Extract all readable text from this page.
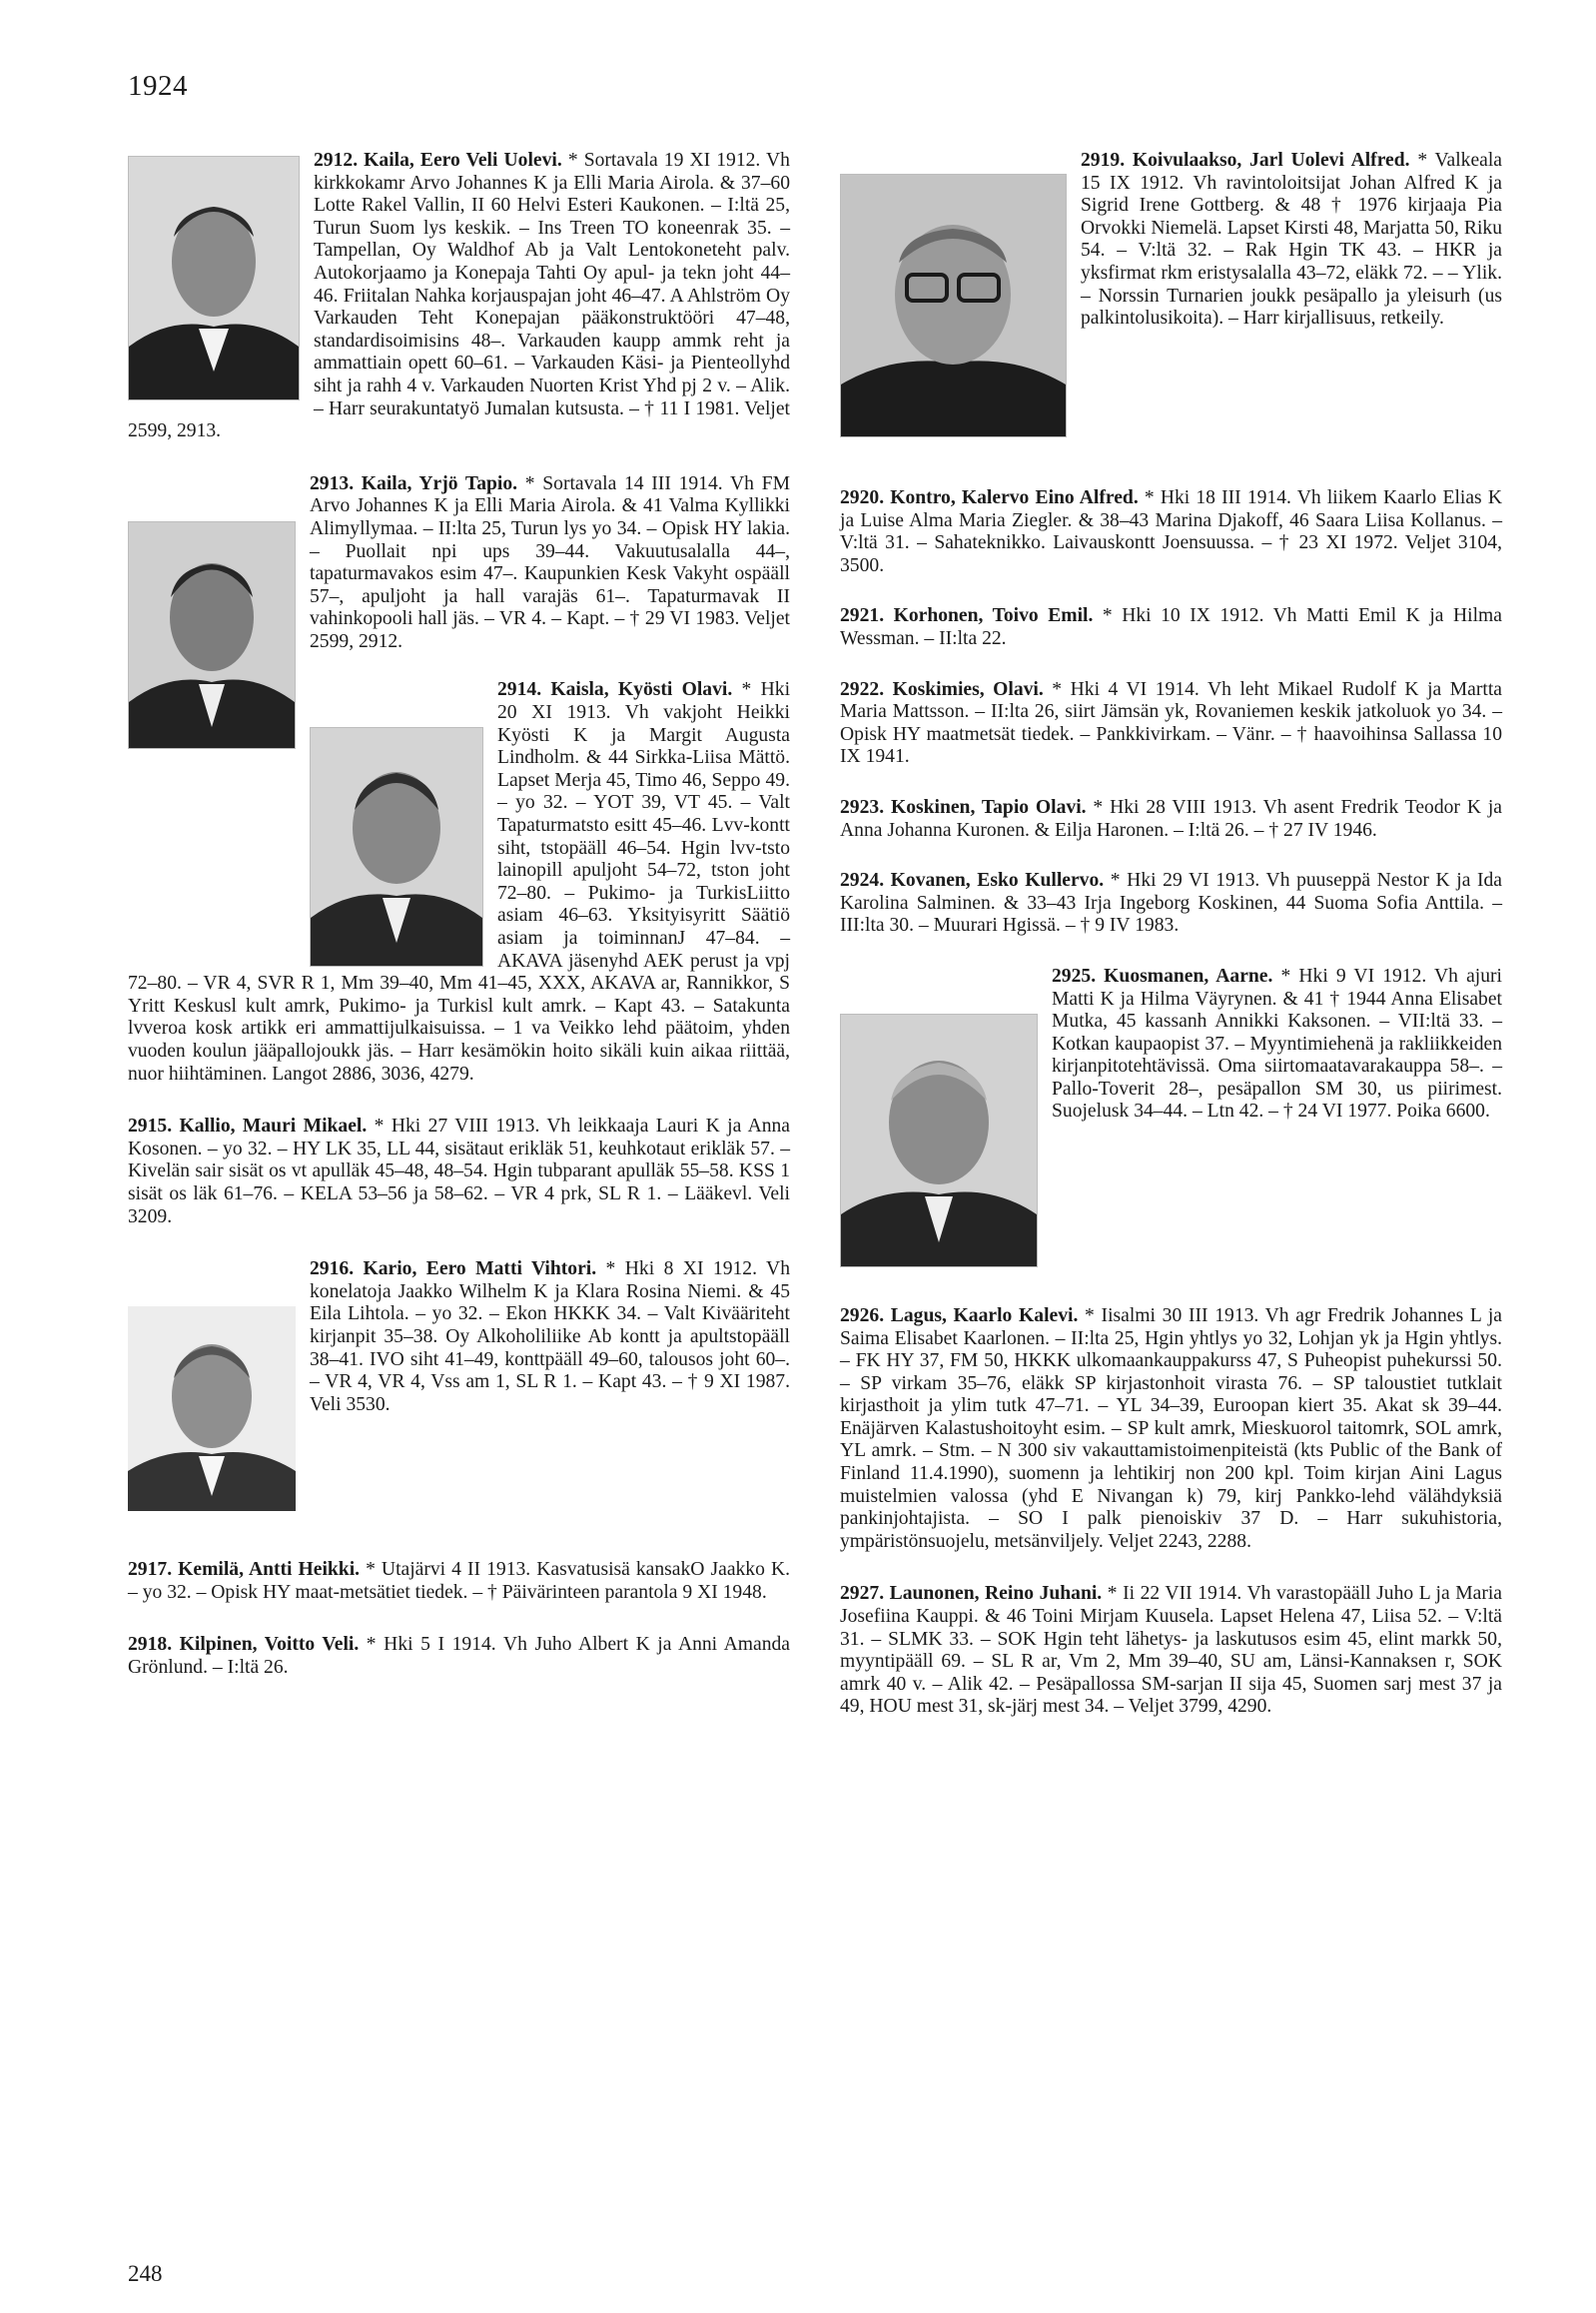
1924
2912. Kaila, Eero Veli Uolevi. * Sortavala 19 XI 1912. Vh kirkkokamr Arvo Johannes K ja Elli Maria Airola. & 37–60 Lotte Rakel Vallin, II 60 Helvi Esteri Kaukonen. – I:ltä 25, Turun Suom lys keskik. – Ins Treen TO koneenrak 35. – Tampellan, Oy Waldhof Ab ja Valt Lentokoneteht palv. Autokorjaamo ja Konepaja Tahti Oy apul- ja tekn joht 44–46. Friitalan Nahka korjauspajan joht 46–47. A Ahlström Oy Varkauden Teht Konepajan pääkonstruktööri 47–48, standardisoimisins 48–. Varkauden kaupp ammk reht ja ammattiain opett 60–61. – Varkauden Käsi- ja Pienteollyhd siht ja rahh 4 v. Varkauden Nuorten Krist Yhd pj 2 v. – Alik. – Harr seurakuntatyö Jumalan kutsusta. – † 11 I 1981. Veljet 2599, 2913.
2913. Kaila, Yrjö Tapio. * Sortavala 14 III 1914. Vh FM Arvo Johannes K ja Elli Maria Airola. & 41 Valma Kyllikki Alimyllymaa. – II:lta 25, Turun lys yo 34. – Opisk HY lakia. – Puollait npi ups 39–44. Vakuutusalalla 44–, tapaturmavakos esim 47–. Kaupunkien Kesk Vakyht ospääll 57–, apuljoht ja hall varajäs 61–. Tapaturmavak II vahinkopooli hall jäs. – VR 4. – Kapt. – † 29 VI 1983. Veljet 2599, 2912.
2914. Kaisla, Kyösti Olavi. * Hki 20 XI 1913. Vh vakjoht Heikki Kyösti K ja Margit Augusta Lindholm. & 44 Sirkka-Liisa Mättö. Lapset Merja 45, Timo 46, Seppo 49. – yo 32. – YOT 39, VT 45. – Valt Tapaturmatsto esitt 45–46. Lvv-kontt siht, tstopääll 46–54. Hgin lvv-tsto lainopill apuljoht 54–72, tston joht 72–80. – Pukimo- ja TurkisLiitto asiam 46–63. Yksityisyritt Säätiö asiam ja toiminnanJ 47–84. – AKAVA jäsenyhd AEK perust ja vpj 72–80. – VR 4, SVR R 1, Mm 39–40, Mm 41–45, XXX, AKAVA ar, Rannikkor, S Yritt Keskusl kult amrk, Pukimo- ja Turkisl kult amrk. – Kapt 43. – Satakunta lvveroa kosk artikk eri ammattijulkaisuissa. – 1 va Veikko lehd päätoim, yhden vuoden koulun jääpallojoukk jäs. – Harr kesämökin hoito sikäli kuin aikaa riittää, nuor hiihtäminen. Langot 2886, 3036, 4279.
2915. Kallio, Mauri Mikael. * Hki 27 VIII 1913. Vh leikkaaja Lauri K ja Anna Kosonen. – yo 32. – HY LK 35, LL 44, sisätaut erikläk 51, keuhkotaut erikläk 57. – Kivelän sair sisät os vt apulläk 45–48, 48–54. Hgin tubparant apulläk 55–58. KSS 1 sisät os läk 61–76. – KELA 53–56 ja 58–62. – VR 4 prk, SL R 1. – Lääkevl. Veli 3209.
2916. Kario, Eero Matti Vihtori. * Hki 8 XI 1912. Vh konelatoja Jaakko Wilhelm K ja Klara Rosina Niemi. & 45 Eila Lihtola. – yo 32. – Ekon HKKK 34. – Valt Kivääriteht kirjanpit 35–38. Oy Alkoholiliike Ab kontt ja apultstopääll 38–41. IVO siht 41–49, konttpääll 49–60, talousos joht 60–. – VR 4, VR 4, Vss am 1, SL R 1. – Kapt 43. – † 9 XI 1987. Veli 3530.
2917. Kemilä, Antti Heikki. * Utajärvi 4 II 1913. Kasvatusisä kansakO Jaakko K. – yo 32. – Opisk HY maat-metsätiet tiedek. – † Päivärinteen parantola 9 XI 1948.
2918. Kilpinen, Voitto Veli. * Hki 5 I 1914. Vh Juho Albert K ja Anni Amanda Grönlund. – I:ltä 26.
2919. Koivulaakso, Jarl Uolevi Alfred. * Valkeala 15 IX 1912. Vh ravintoloitsijat Johan Alfred K ja Sigrid Irene Gottberg. & 48 † 1976 kirjaaja Pia Orvokki Niemelä. Lapset Kirsti 48, Marjatta 50, Riku 54. – V:ltä 32. – Rak Hgin TK 43. – HKR ja yksfirmat rkm eristysalalla 43–72, eläkk 72. – – Ylik. – Norssin Turnarien joukk pesäpallo ja yleisurh (us palkintolusikoita). – Harr kirjallisuus, retkeily.
2920. Kontro, Kalervo Eino Alfred. * Hki 18 III 1914. Vh liikem Kaarlo Elias K ja Luise Alma Maria Ziegler. & 38–43 Marina Djakoff, 46 Saara Liisa Kollanus. – V:ltä 31. – Sahateknikko. Laivauskontt Joensuussa. – † 23 XI 1972. Veljet 3104, 3500.
2921. Korhonen, Toivo Emil. * Hki 10 IX 1912. Vh Matti Emil K ja Hilma Wessman. – II:lta 22.
2922. Koskimies, Olavi. * Hki 4 VI 1914. Vh leht Mikael Rudolf K ja Martta Maria Mattsson. – II:lta 26, siirt Jämsän yk, Rovaniemen keskik jatkoluok yo 34. – Opisk HY maatmetsät tiedek. – Pankkivirkam. – Vänr. – † haavoihinsa Sallassa 10 IX 1941.
2923. Koskinen, Tapio Olavi. * Hki 28 VIII 1913. Vh asent Fredrik Teodor K ja Anna Johanna Kuronen. & Eilja Haronen. – I:ltä 26. – † 27 IV 1946.
2924. Kovanen, Esko Kullervo. * Hki 29 VI 1913. Vh puuseppä Nestor K ja Ida Karolina Salminen. & 33–43 Irja Ingeborg Koskinen, 44 Suoma Sofia Anttila. – III:lta 30. – Muurari Hgissä. – † 9 IV 1983.
2925. Kuosmanen, Aarne. * Hki 9 VI 1912. Vh ajuri Matti K ja Hilma Väyrynen. & 41 † 1944 Anna Elisabet Mutka, 45 kassanh Annikki Kaksonen. – VII:ltä 33. – Kotkan kaupaopist 37. – Myyntimiehenä ja rakliikkeiden kirjanpitotehtävissä. Oma siirtomaatavarakauppa 58–. – Pallo-Toverit 28–, pesäpallon SM 30, us piirimest. Suojelusk 34–44. – Ltn 42. – † 24 VI 1977. Poika 6600.
2926. Lagus, Kaarlo Kalevi. * Iisalmi 30 III 1913. Vh agr Fredrik Johannes L ja Saima Elisabet Kaarlonen. – II:lta 25, Hgin yhtlys yo 32, Lohjan yk ja Hgin yhtlys. – FK HY 37, FM 50, HKKK ulkomaankauppakurss 47, S Puheopist puhekurssi 50. – SP virkam 35–76, eläkk SP kirjastonhoit virasta 76. – SP taloustiet tutklait kirjasthoit ja ylim tutk 47–71. – YL 34–39, Euroopan kiert 35. Akat sk 39–44. Enäjärven Kalastushoitoyht esim. – SP kult amrk, Mieskuorol taitomrk, SOL amrk, YL amrk. – Stm. – N 300 siv vakauttamistoimenpiteistä (kts Public of the Bank of Finland 11.4.1990), suomenn ja lehtikirj non 200 kpl. Toim kirjan Aini Lagus muistelmien valossa (yhd E Nivangan k) 79, kirj Pankko-lehd välähdyksiä pankinjohtajista. – SO I palk pienoiskiv 37 D. – Harr sukuhistoria, ympäristönsuojelu, metsänviljely. Veljet 2243, 2288.
2927. Launonen, Reino Juhani. * Ii 22 VII 1914. Vh varastopääll Juho L ja Maria Josefiina Kauppi. & 46 Toini Mirjam Kuusela. Lapset Helena 47, Liisa 52. – V:ltä 31. – SLMK 33. – SOK Hgin teht lähetys- ja laskutusos esim 45, elint markk 50, myyntipääll 69. – SL R ar, Vm 2, Mm 39–40, SU am, Länsi-Kannaksen r, SOK amrk 40 v. – Alik 42. – Pesäpallossa SM-sarjan II sija 45, Suomen sarj mest 37 ja 49, HOU mest 31, sk-järj mest 34. – Veljet 3799, 4290.
248
